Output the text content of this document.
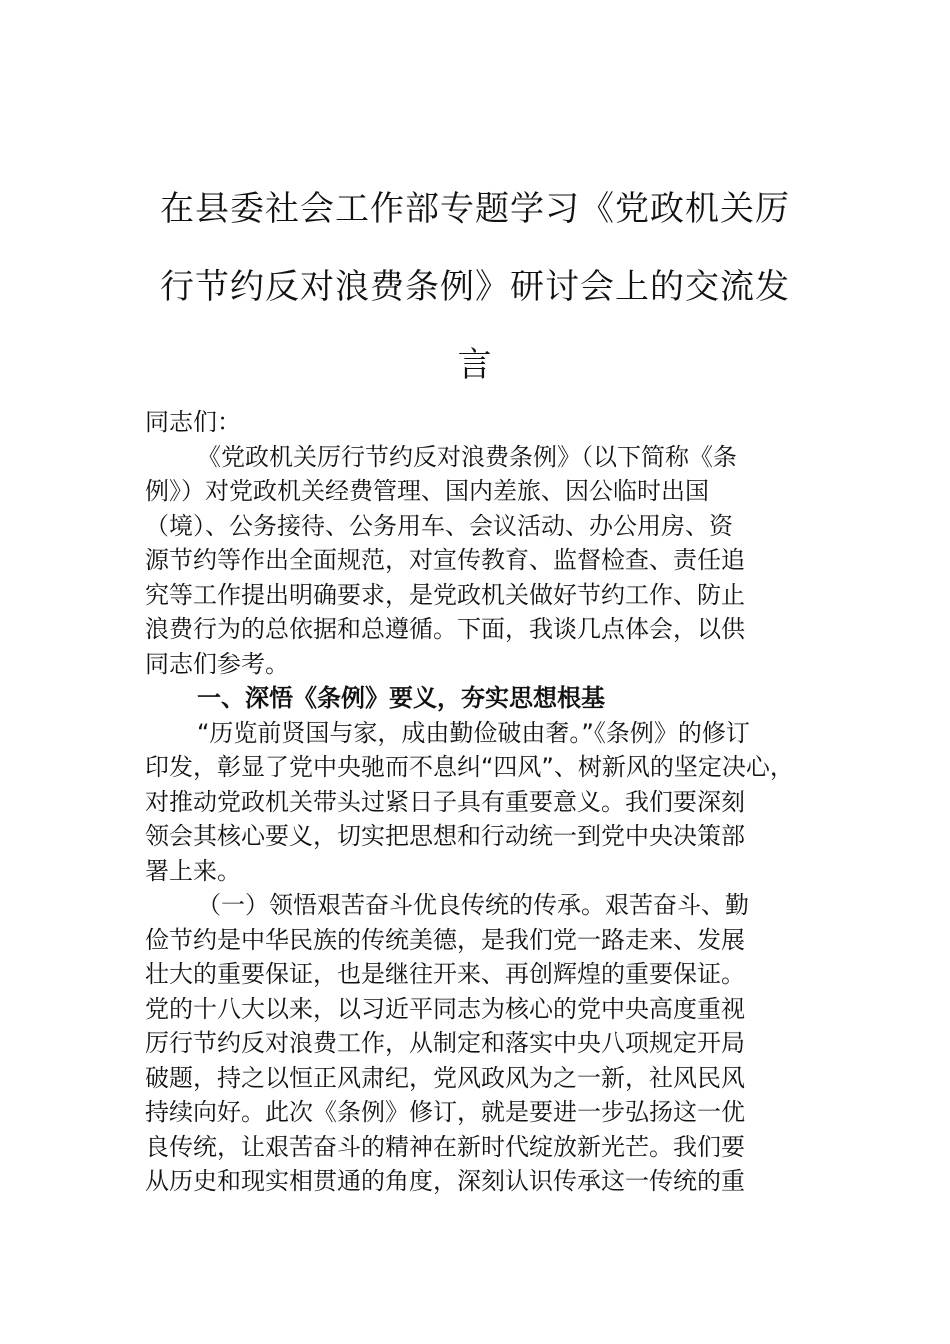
在县委社会工作部专题学习《党政机关厉
行节约反对浪费条例》研讨会上的交流发
言
同志们：
《党政机关厉行节约反对浪费条例》（以下简称《条
例》）对党政机关经费管理、国内差旅、因公临时出国
（境）、公务接待、公务用车、会议活动、办公用房、资
源节约等作出全面规范，对宣传教育、监督检查、责任追
究等工作提出明确要求，是党政机关做好节约工作、防止
浪费行为的总依据和总遵循。下面，我谈几点体会，以供
同志们参考。
一、深悟《条例》要义，夯实思想根基
“历览前贤国与家，成由勤俭破由奢。”《条例》的修订
印发，彰显了党中央驰而不息纠“四风”、树新风的坚定决心，
对推动党政机关带头过紧日子具有重要意义。我们要深刻
领会其核心要义，切实把思想和行动统一到党中央决策部
署上来。
（一）领悟艰苦奋斗优良传统的传承。艰苦奋斗、勤
俭节约是中华民族的传统美德，是我们党一路走来、发展
壮大的重要保证，也是继往开来、再创辉煌的重要保证。
党的十八大以来，以习近平同志为核心的党中央高度重视
厉行节约反对浪费工作，从制定和落实中央八项规定开局
破题，持之以恒正风肃纪，党风政风为之一新，社风民风
持续向好。此次《条例》修订，就是要进一步弘扬这一优
良传统，让艰苦奋斗的精神在新时代绽放新光芒。我们要
从历史和现实相贯通的角度，深刻认识传承这一传统的重
